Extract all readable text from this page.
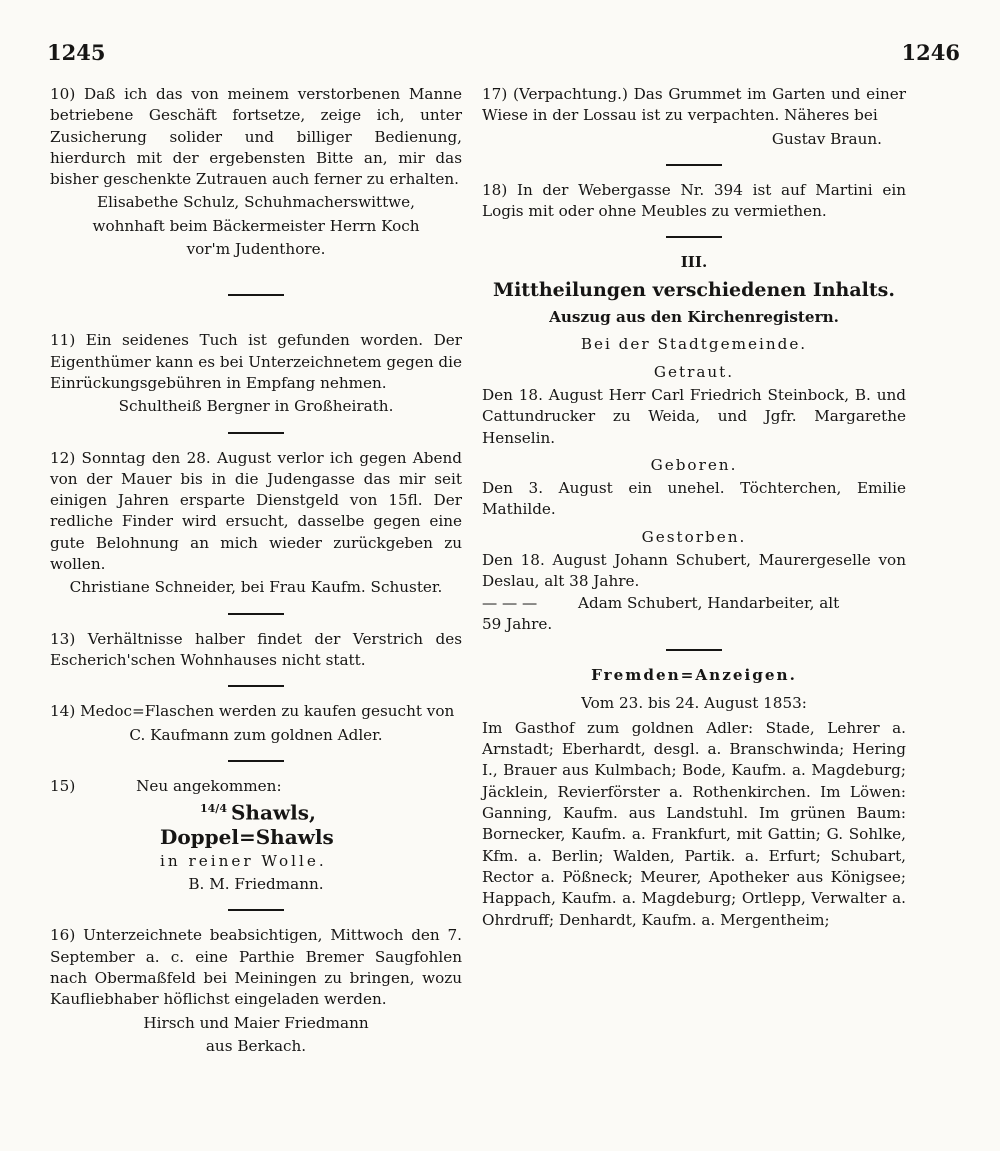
1245	1246

10) Daß ich das von meinem verstorbenen Manne betriebene Geschäft fortsetze, zeige ich, unter Zusicherung solider und billiger Bedienung, hierdurch mit der ergebensten Bitte an, mir das bisher geschenkte Zutrauen auch ferner zu erhalten.

Elisabethe Schulz, Schuhmacherswittwe,

wohnhaft beim Bäckermeister Herrn Koch

vor'm Judenthore.

11) Ein seidenes Tuch ist gefunden worden. Der Eigenthümer kann es bei Unterzeichnetem gegen die Einrückungsgebühren in Empfang nehmen.

Schultheiß Bergner in Großheirath.

12) Sonntag den 28. August verlor ich gegen Abend von der Mauer bis in die Judengasse das mir seit einigen Jahren ersparte Dienstgeld von 15fl. Der redliche Finder wird ersucht, dasselbe gegen eine gute Belohnung an mich wieder zurückgeben zu wollen.

Christiane Schneider, bei Frau Kaufm. Schuster.

13) Verhältnisse halber findet der Verstrich des Escherich'schen Wohnhauses nicht statt.

14) Medoc=Flaschen werden zu kaufen gesucht von

C. Kaufmann zum goldnen Adler.

15)	Neu angekommen:

$^{14/4}$ Shawls,

Doppel=Shawls

in reiner Wolle.

B. M. Friedmann.

16) Unterzeichnete beabsichtigen, Mittwoch den 7. September a. c. eine Parthie Bremer Saugfohlen nach Obermaßfeld bei Meiningen zu bringen, wozu Kaufliebhaber höflichst eingeladen werden.

Hirsch und Maier Friedmann

aus Berkach.

17) (Verpachtung.) Das Grummet im Garten und einer Wiese in der Lossau ist zu verpachten. Näheres bei

Gustav Braun.

18) In der Webergasse Nr. 394 ist auf Martini ein Logis mit oder ohne Meubles zu vermiethen.

III.

Mittheilungen verschiedenen Inhalts.

Auszug aus den Kirchenregistern.

Bei der Stadtgemeinde.

Getraut.

Den 18. August Herr Carl Friedrich Steinbock, B. und Cattundrucker zu Weida, und Jgfr. Margarethe Henselin.

Geboren.

Den 3. August ein unehel. Töchterchen, Emilie Mathilde.

Gestorben.

Den 18. August Johann Schubert, Maurergeselle von Deslau, alt 38 Jahre.

— — —	Adam Schubert, Handarbeiter, alt

59 Jahre.

Fremden=Anzeigen.

Vom 23. bis 24. August 1853:

Im Gasthof zum goldnen Adler: Stade, Lehrer a. Arnstadt; Eberhardt, desgl. a. Branschwinda; Hering I., Brauer aus Kulmbach; Bode, Kaufm. a. Magdeburg; Jäcklein, Revierförster a. Rothenkirchen. Im Löwen: Ganning, Kaufm. aus Landstuhl. Im grünen Baum: Bornecker, Kaufm. a. Frankfurt, mit Gattin; G. Sohlke, Kfm. a. Berlin; Walden, Partik. a. Erfurt; Schubart, Rector a. Pößneck; Meurer, Apotheker aus Königsee; Happach, Kaufm. a. Magdeburg; Ortlepp, Verwalter a. Ohrdruff; Denhardt, Kaufm. a. Mergentheim;
